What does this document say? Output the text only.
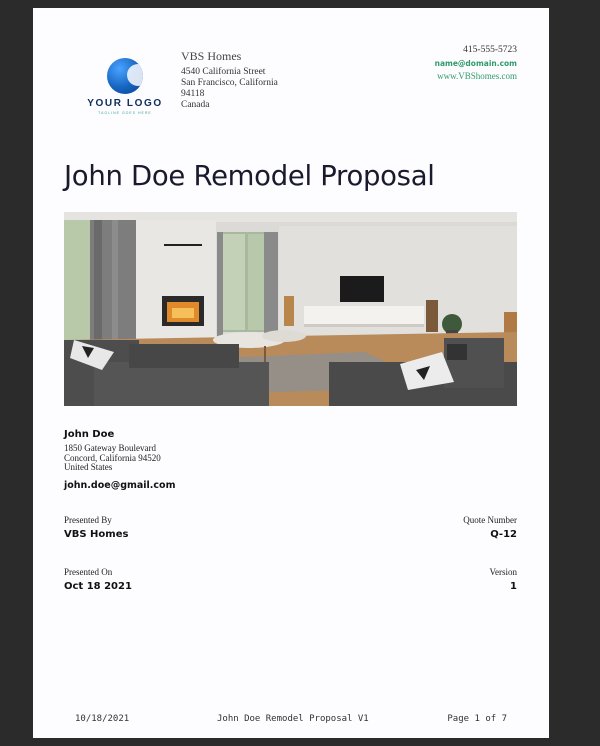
YOUR LOGO
TAGLINE GOES HERE
VBS Homes
4540 California Street
San Francisco, California
94118
Canada
415-555-5723
name@domain.com
www.VBShomes.com
John Doe Remodel Proposal
John Doe
1850 Gateway Boulevard
Concord, California 94520
United States
john.doe@gmail.com
Presented By
VBS Homes
Quote Number
Q-12
Presented On
Oct 18 2021
Version
1
10/18/2021	John Doe Remodel Proposal V1	Page 1 of 7
